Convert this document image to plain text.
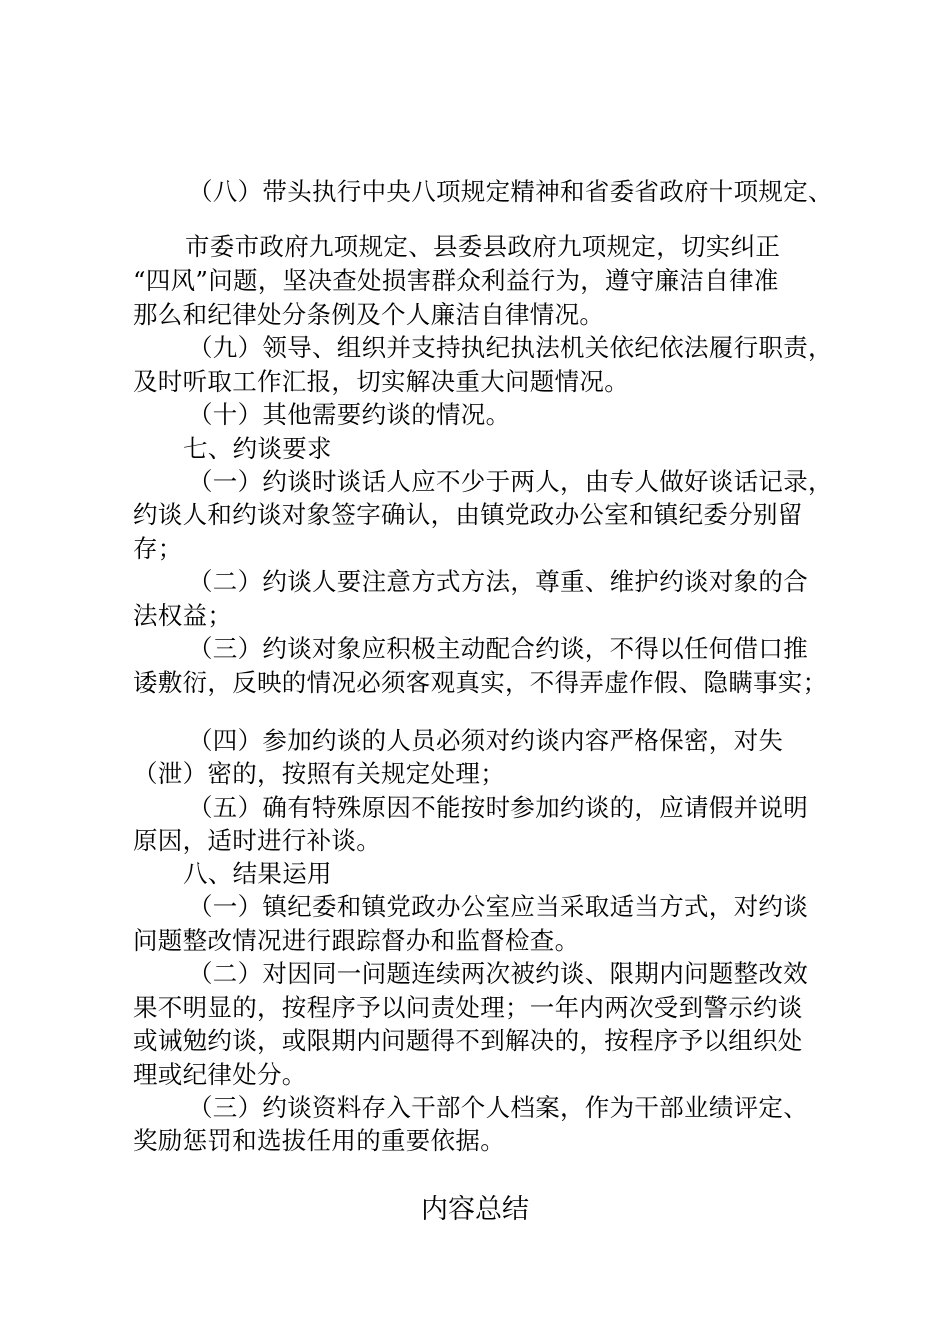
（八）带头执行中央八项规定精神和省委省政府十项规定、
市委市政府九项规定、县委县政府九项规定，切实纠正
“四风”问题，坚决查处损害群众利益行为，遵守廉洁自律准
那么和纪律处分条例及个人廉洁自律情况。
（九）领导、组织并支持执纪执法机关依纪依法履行职责，
及时听取工作汇报，切实解决重大问题情况。
（十）其他需要约谈的情况。
七、约谈要求
（一）约谈时谈话人应不少于两人，由专人做好谈话记录，
约谈人和约谈对象签字确认，由镇党政办公室和镇纪委分别留
存；
（二）约谈人要注意方式方法，尊重、维护约谈对象的合
法权益；
（三）约谈对象应积极主动配合约谈，不得以任何借口推
诿敷衍，反映的情况必须客观真实，不得弄虚作假、隐瞒事实；
（四）参加约谈的人员必须对约谈内容严格保密，对失
（泄）密的，按照有关规定处理；
（五）确有特殊原因不能按时参加约谈的，应请假并说明
原因，适时进行补谈。
八、结果运用
（一）镇纪委和镇党政办公室应当采取适当方式，对约谈
问题整改情况进行跟踪督办和监督检查。
（二）对因同一问题连续两次被约谈、限期内问题整改效
果不明显的，按程序予以问责处理；一年内两次受到警示约谈
或诫勉约谈，或限期内问题得不到解决的，按程序予以组织处
理或纪律处分。
（三）约谈资料存入干部个人档案，作为干部业绩评定、
奖励惩罚和选拔任用的重要依据。
内容总结
